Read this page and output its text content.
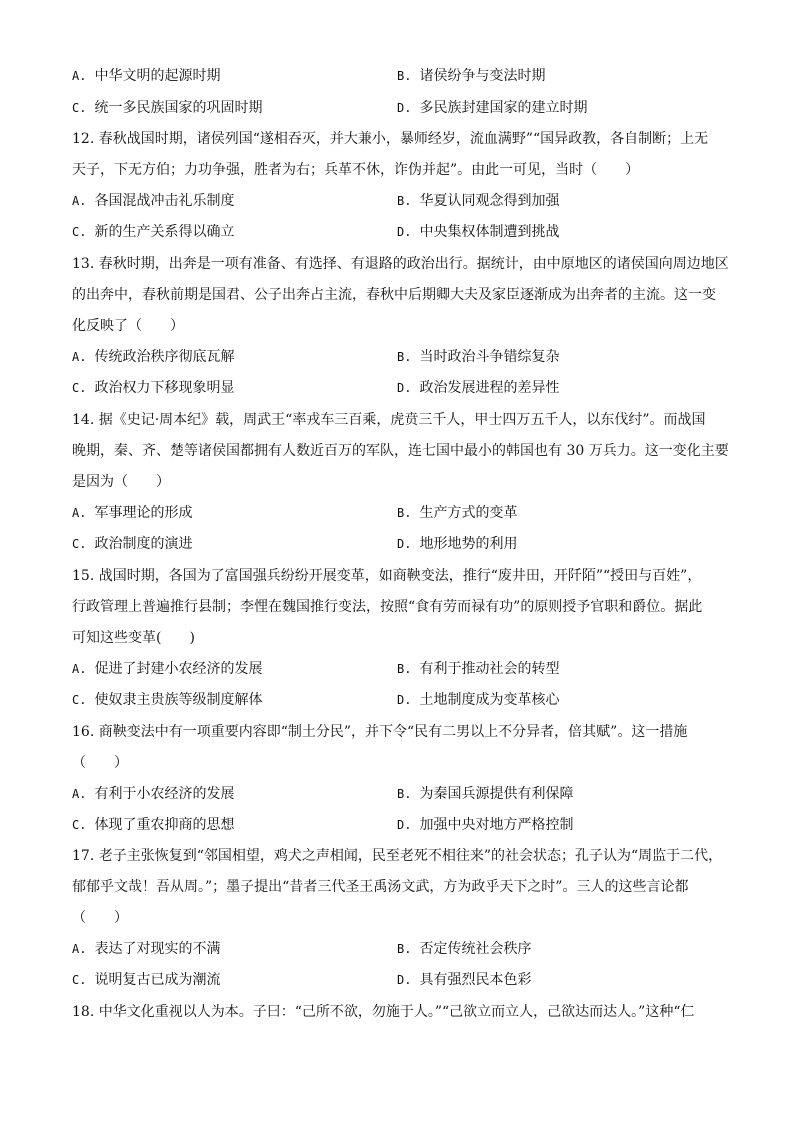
A. 中华文明的起源时期	B. 诸侯纷争与变法时期
C. 统一多民族国家的巩固时期	D. 多民族封建国家的建立时期
12. 春秋战国时期，诸侯列国“遂相吞灭，并大兼小，暴师经岁，流血满野”“国异政教，各自制断；上无
天子，下无方伯；力功争强，胜者为右；兵革不休，诈伪并起”。由此一可见，当时（　　）
A. 各国混战冲击礼乐制度	B. 华夏认同观念得到加强
C. 新的生产关系得以确立	D. 中央集权体制遭到挑战
13. 春秋时期，出奔是一项有准备、有选择、有退路的政治出行。据统计，由中原地区的诸侯国向周边地区
的出奔中，春秋前期是国君、公子出奔占主流，春秋中后期卿大夫及家臣逐渐成为出奔者的主流。这一变
化反映了（　　）
A. 传统政治秩序彻底瓦解	B. 当时政治斗争错综复杂
C. 政治权力下移现象明显	D. 政治发展进程的差异性
14. 据《史记·周本纪》载，周武王“率戎车三百乘，虎贲三千人，甲士四万五千人，以东伐纣”。而战国
晚期，秦、齐、楚等诸侯国都拥有人数近百万的军队，连七国中最小的韩国也有 30 万兵力。这一变化主要
是因为（　　）
A. 军事理论的形成	B. 生产方式的变革
C. 政治制度的演进	D. 地形地势的利用
15. 战国时期，各国为了富国强兵纷纷开展变革，如商鞅变法，推行“废井田，开阡陌”“授田与百姓”，
行政管理上普遍推行县制；李悝在魏国推行变法，按照“食有劳而禄有功”的原则授予官职和爵位。据此
可知这些变革(　　)
A. 促进了封建小农经济的发展	B. 有利于推动社会的转型
C. 使奴隶主贵族等级制度解体	D. 土地制度成为变革核心
16. 商鞅变法中有一项重要内容即“制土分民”，并下令“民有二男以上不分异者，倍其赋”。这一措施
（　　）
A. 有利于小农经济的发展	B. 为秦国兵源提供有利保障
C. 体现了重农抑商的思想	D. 加强中央对地方严格控制
17. 老子主张恢复到“邻国相望，鸡犬之声相闻，民至老死不相往来”的社会状态；孔子认为“周监于二代，
郁郁乎文哉！吾从周。”；墨子提出“昔者三代圣王禹汤文武，方为政乎天下之时”。三人的这些言论都
（　　）
A. 表达了对现实的不满	B. 否定传统社会秩序
C. 说明复古已成为潮流	D. 具有强烈民本色彩
18. 中华文化重视以人为本。子曰：“己所不欲，勿施于人。”“己欲立而立人，己欲达而达人。”这种“仁
